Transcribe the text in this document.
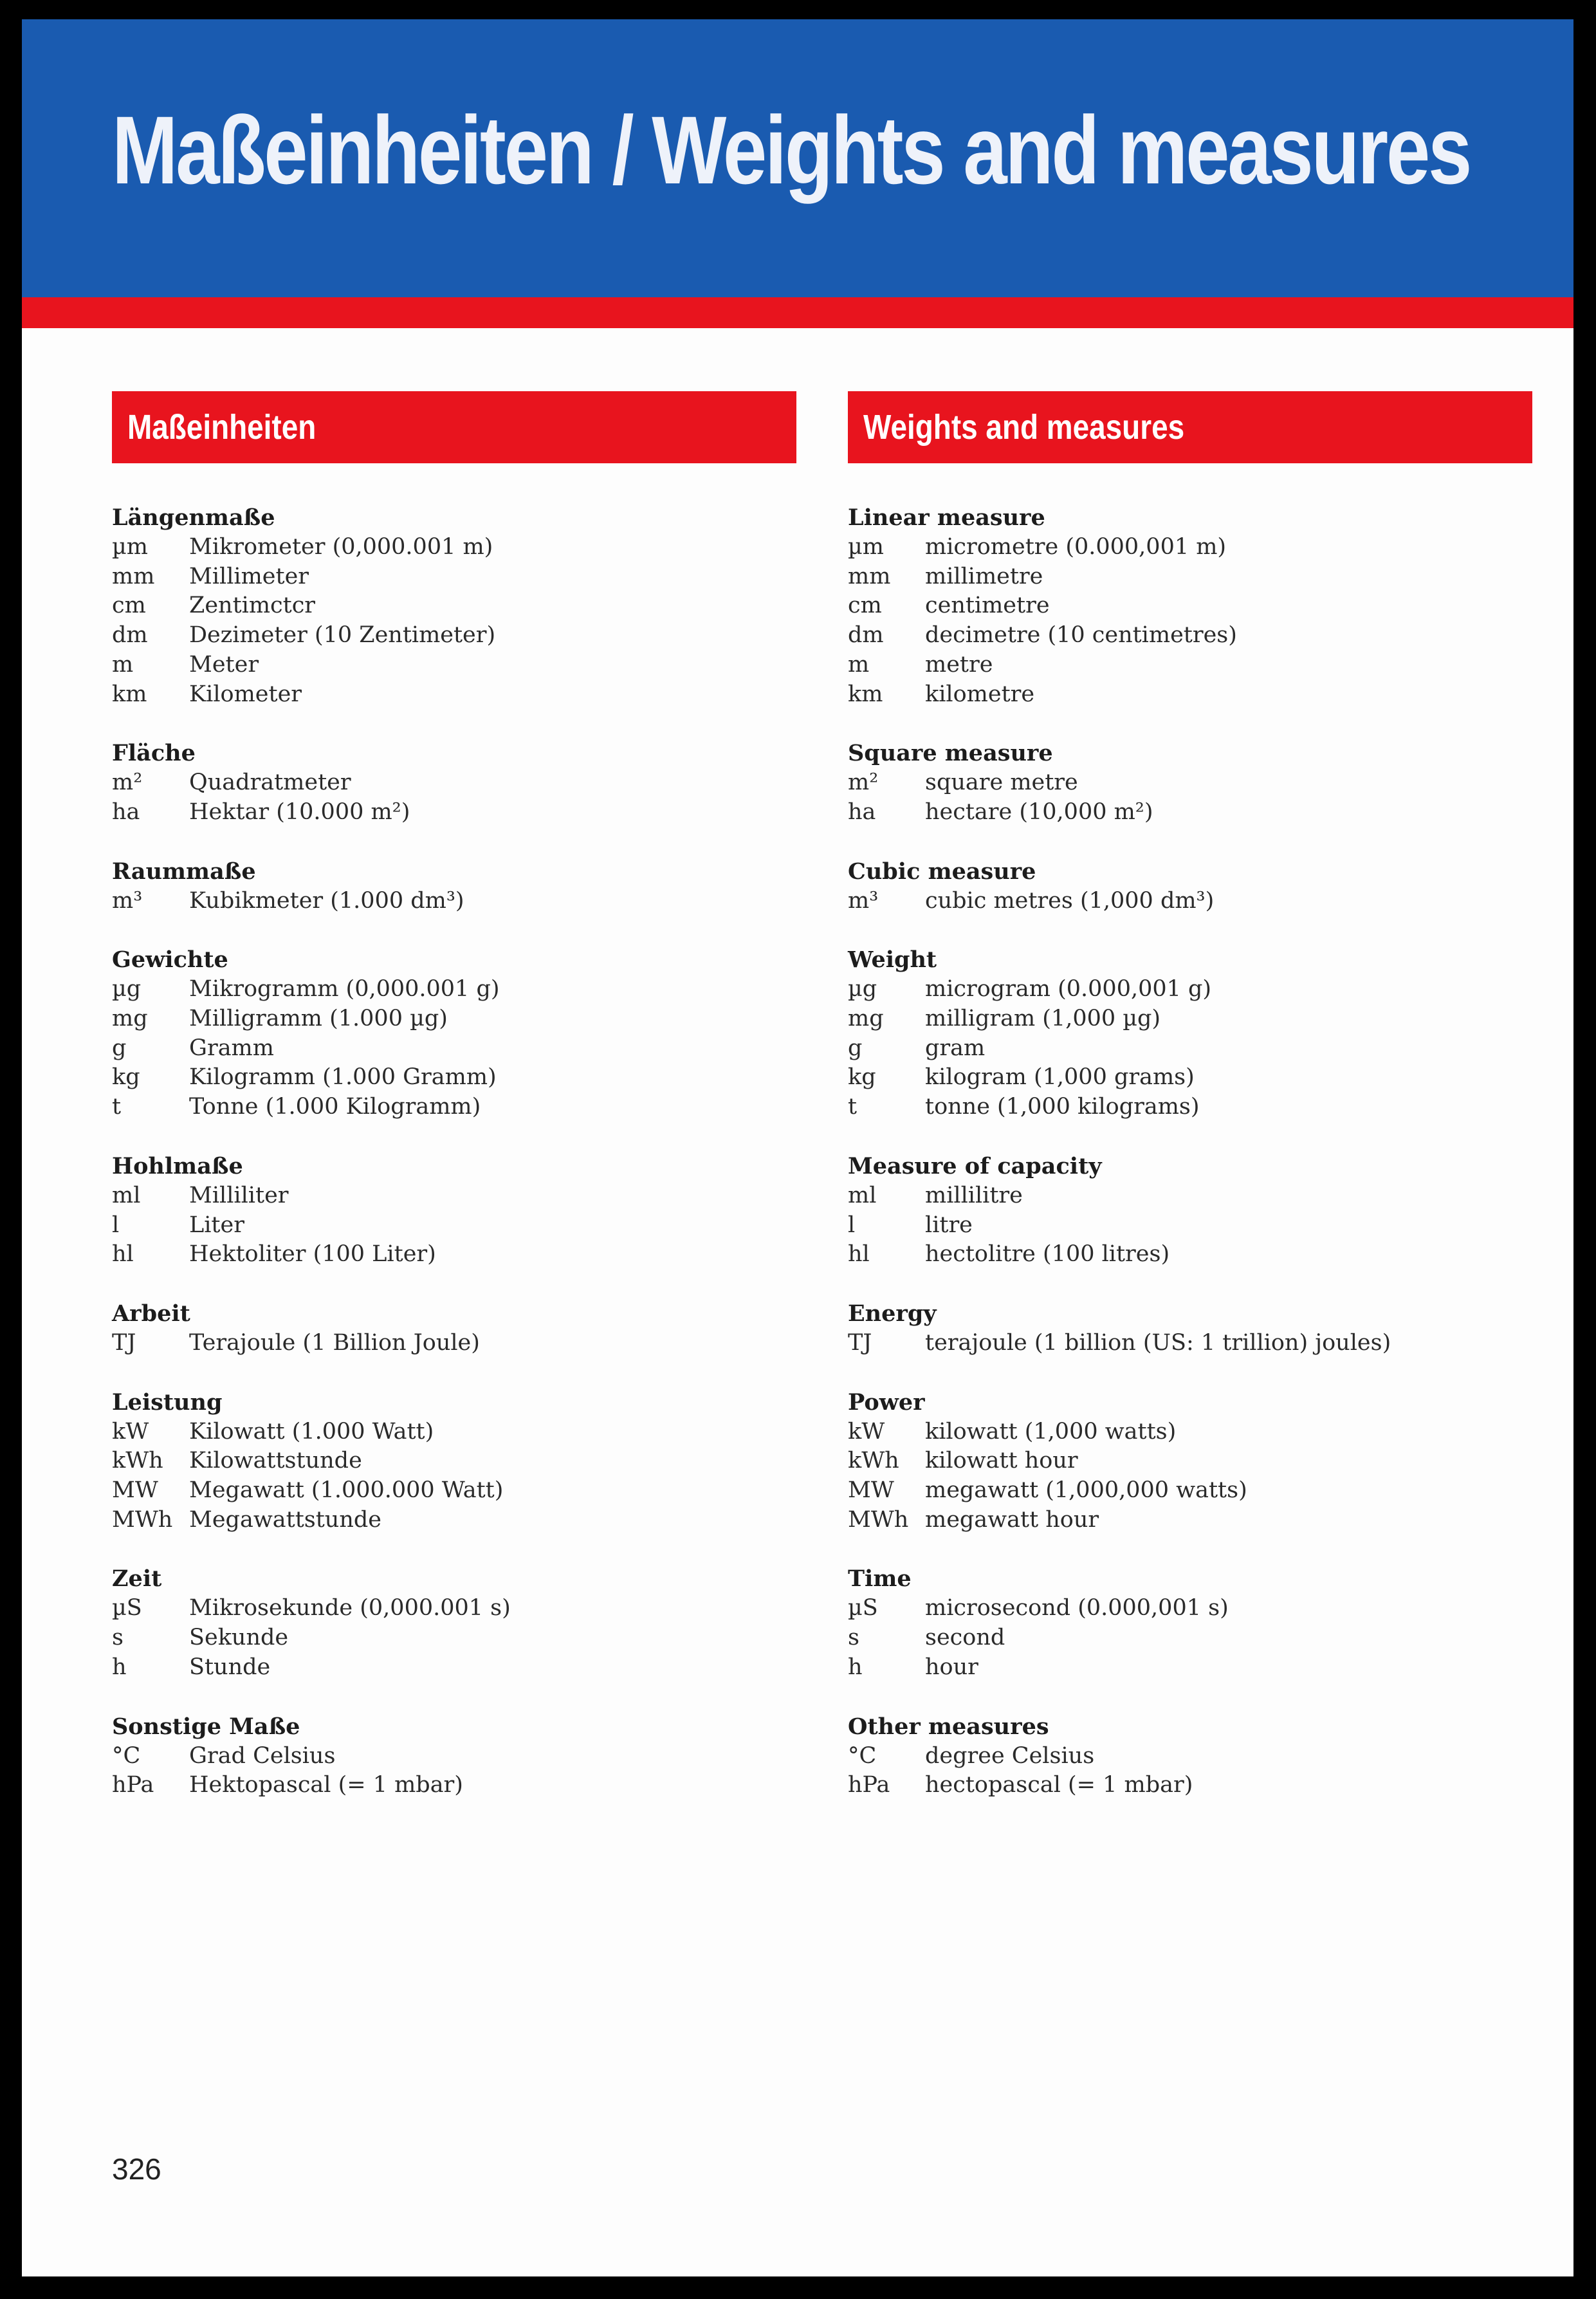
Maßeinheiten / Weights and measures
Maßeinheiten
Längenmaße
µm	Mikrometer (0,000.001 m)
mm	Millimeter
cm	Zentimctcr
dm	Dezimeter (10 Zentimeter)
m	Meter
km	Kilometer
Fläche
m²	Quadratmeter
ha	Hektar (10.000 m²)
Raummaße
m³	Kubikmeter (1.000 dm³)
Gewichte
µg	Mikrogramm (0,000.001 g)
mg	Milligramm (1.000 µg)
g	Gramm
kg	Kilogramm (1.000 Gramm)
t	Tonne (1.000 Kilogramm)
Hohlmaße
ml	Milliliter
l	Liter
hl	Hektoliter (100 Liter)
Arbeit
TJ	Terajoule (1 Billion Joule)
Leistung
kW	Kilowatt (1.000 Watt)
kWh	Kilowattstunde
MW	Megawatt (1.000.000 Watt)
MWh Megawattstunde
Zeit
µS	Mikrosekunde (0,000.001 s)
s	Sekunde
h	Stunde
Sonstige Maße
°C	Grad Celsius
hPa	Hektopascal (= 1 mbar)
Weights and measures
Linear measure
µm	micrometre (0.000,001 m)
mm	millimetre
cm	centimetre
dm	decimetre (10 centimetres)
m	metre
km	kilometre
Square measure
m²	square metre
ha	hectare (10,000 m²)
Cubic measure
m³	cubic metres (1,000 dm³)
Weight
µg	microgram (0.000,001 g)
mg	milligram (1,000 µg)
g	gram
kg	kilogram (1,000 grams)
t	tonne (1,000 kilograms)
Measure of capacity
ml	millilitre
l	litre
hl	hectolitre (100 litres)
Energy
TJ	terajoule (1 billion (US: 1 trillion) joules)
Power
kW	kilowatt (1,000 watts)
kWh	kilowatt hour
MW	megawatt (1,000,000 watts)
MWh megawatt hour
Time
µS	microsecond (0.000,001 s)
s	second
h	hour
Other measures
°C	degree Celsius
hPa	hectopascal (= 1 mbar)
326
